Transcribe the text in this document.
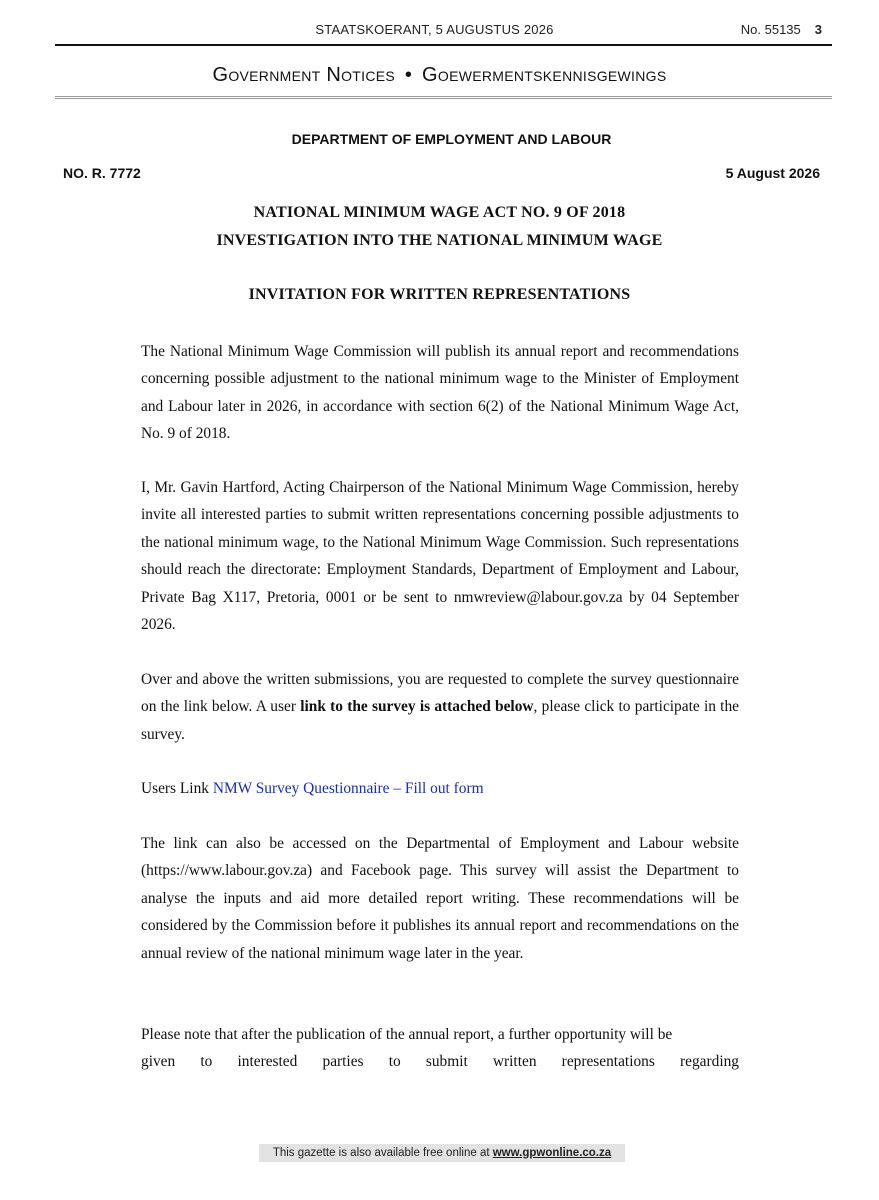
STAATSKOERANT, 5 AUGUSTUS 2026	No. 55135 3
Government Notices • Goewermentskennisgewings
DEPARTMENT OF EMPLOYMENT AND LABOUR
NO. R. 7772	5 August 2026
NATIONAL MINIMUM WAGE ACT NO. 9 OF 2018
INVESTIGATION INTO THE NATIONAL MINIMUM WAGE
INVITATION FOR WRITTEN REPRESENTATIONS
The National Minimum Wage Commission will publish its annual report and recommendations concerning possible adjustment to the national minimum wage to the Minister of Employment and Labour later in 2026, in accordance with section 6(2) of the National Minimum Wage Act, No. 9 of 2018.
I, Mr. Gavin Hartford, Acting Chairperson of the National Minimum Wage Commission, hereby invite all interested parties to submit written representations concerning possible adjustments to the national minimum wage, to the National Minimum Wage Commission. Such representations should reach the directorate: Employment Standards, Department of Employment and Labour, Private Bag X117, Pretoria, 0001 or be sent to nmwreview@labour.gov.za by 04 September 2026.
Over and above the written submissions, you are requested to complete the survey questionnaire on the link below. A user link to the survey is attached below, please click to participate in the survey.
Users Link NMW Survey Questionnaire – Fill out form
The link can also be accessed on the Departmental of Employment and Labour website (https://www.labour.gov.za) and Facebook page. This survey will assist the Department to analyse the inputs and aid more detailed report writing. These recommendations will be considered by the Commission before it publishes its annual report and recommendations on the annual review of the national minimum wage later in the year.
Please note that after the publication of the annual report, a further opportunity will be
given to interested parties to submit written representations regarding
This gazette is also available free online at www.gpwonline.co.za
